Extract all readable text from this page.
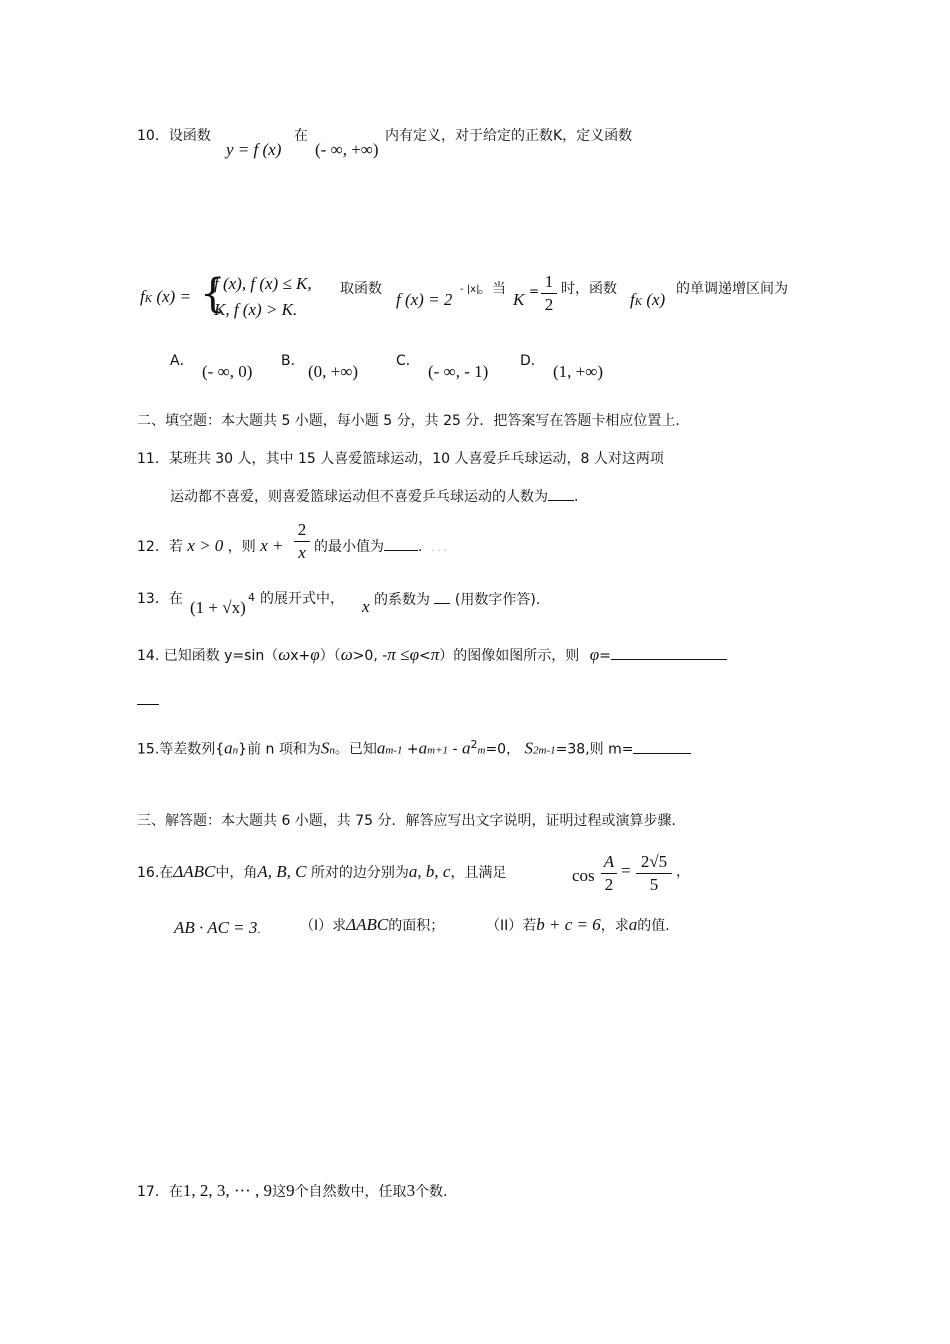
10．设函数
y = f (x)
在
(- ∞, +∞)
内有定义，对于给定的正数K，定义函数
fK (x) = {
f (x), f (x) ≤ K,
K, f (x) > K.
取函数
f (x) = 2
- |x|
。当
K = 1
2
时，函数
fK (x)
的单调递增区间为
A．
(- ∞, 0)
B．
(0, +∞)
C．
(- ∞, - 1)
D．
(1, +∞)
二、填空题：本大题共 5 小题，每小题 5 分，共 25 分．把答案写在答题卡相应位置上．
11．某班共 30 人，其中 15 人喜爱篮球运动，10 人喜爱乒乓球运动，8 人对这两项
运动都不喜爱，则喜爱篮球运动但不喜爱乒乓球运动的人数为 .
12．若 x > 0 ，则 x +
2
x 的最小值为 . . . .
13．在 (1 + √x)
4 的展开式中， x 的系数为 (用数字作答).
14. 已知函数 y=sin（ωx+φ）（ω>0, -π ≤φ<π）的图像如图所示，则 φ=
15.等差数列{an}前 n 项和为Sn。已知$am-1 +am+1 - a^2m=0$， S2m-1=38,则 m=
三、解答题：本大题共 6 小题，共 75 分．解答应写出文字说明，证明过程或演算步骤．
16.在ΔABC中，角A, B, C 所对的边分别为a, b, c，且满足	cos
A
2
= 2√5
5
，
AB · AC = 3.	（I）求ΔABC的面积；	（II）若b + c = 6，求a的值.
17．在1, 2, 3, ··· , 9这9个自然数中，任取3个数.
